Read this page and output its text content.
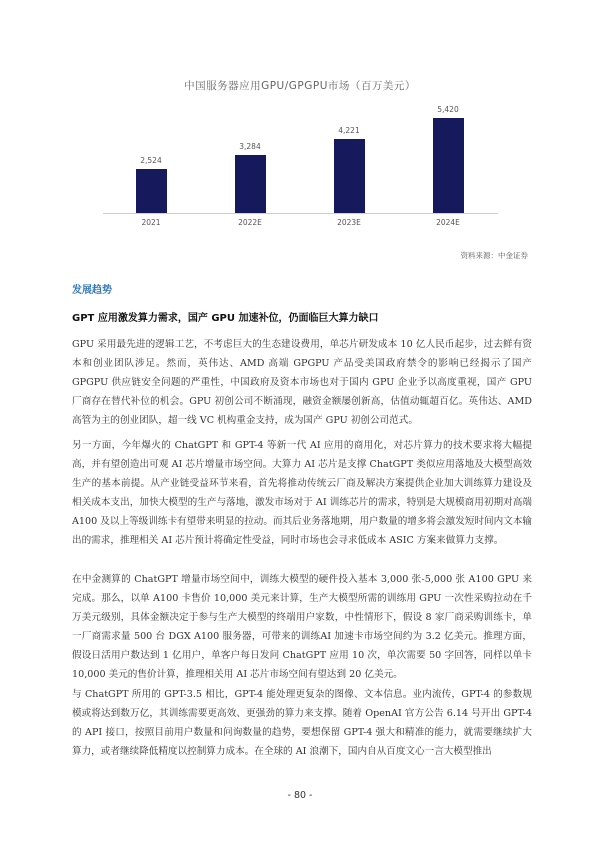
中国服务器应用GPU/GPGPU市场（百万美元）
2,524
2021
3,284
2022E
4,221
2023E
5,420
2024E
资料来源：中金证券
发展趋势
GPT 应用激发算力需求，国产 GPU 加速补位，仍面临巨大算力缺口

GPU 采用最先进的逻辑工艺，不考虑巨大的生态建设费用，单芯片研发成本 10 亿人民币起步，过去鲜有资本和创业团队涉足。然而，英伟达、AMD 高端 GPGPU 产品受美国政府禁令的影响已经揭示了国产 GPGPU 供应链安全问题的严重性，中国政府及资本市场也对于国内 GPU 企业予以高度重视，国产 GPU 厂商存在替代补位的机会。GPU 初创公司不断涌现，融资金额屡创新高，估值动辄超百亿。英伟达、AMD 高管为主的创业团队，超一线 VC 机构重金支持，成为国产 GPU 初创公司范式。

另一方面，今年爆火的 ChatGPT 和 GPT-4 等新一代 AI 应用的商用化，对芯片算力的技术要求将大幅提高，并有望创造出可观 AI 芯片增量市场空间。大算力 AI 芯片是支撑 ChatGPT 类似应用落地及大模型高效生产的基本前提。从产业链受益环节来看，首先将推动传统云厂商及解决方案提供企业加大训练算力建设及相关成本支出，加快大模型的生产与落地，激发市场对于 AI 训练芯片的需求，特别是大规模商用初期对高端 A100 及以上等级训练卡有望带来明显的拉动。而其后业务落地期，用户数量的增多将会激发短时间内文本输出的需求，推理相关 AI 芯片预计将确定性受益，同时市场也会寻求低成本 ASIC 方案来做算力支撑。

在中金测算的 ChatGPT 增量市场空间中，训练大模型的硬件投入基本 3,000 张-5,000 张 A100 GPU 来完成。那么，以单 A100 卡售价 10,000 美元来计算，生产大模型所需的训练用 GPU 一次性采购拉动在千万美元级别，具体金额决定于参与生产大模型的终端用户家数，中性情形下，假设 8 家厂商采购训练卡，单一厂商需求量 500 台 DGX A100 服务器，可带来的训练AI 加速卡市场空间约为 3.2 亿美元。推理方面，假设日活用户数达到 1 亿用户，单客户每日发问 ChatGPT 应用 10 次，单次需要 50 字回答，同样以单卡 10,000 美元的售价计算，推理相关用 AI 芯片市场空间有望达到 20 亿美元。

与 ChatGPT 所用的 GPT-3.5 相比，GPT-4 能处理更复杂的图像、文本信息。业内流传，GPT-4 的参数规模或将达到数万亿，其训练需要更高效、更强劲的算力来支撑。随着 OpenAI 官方公告 6.14 号开出 GPT-4 的 API 接口，按照目前用户数量和问询数量的趋势，要想保留 GPT-4 强大和精准的能力，就需要继续扩大算力，或者继续降低精度以控制算力成本。在全球的 AI 浪潮下，国内自从百度文心一言大模型推出

- 80 -
